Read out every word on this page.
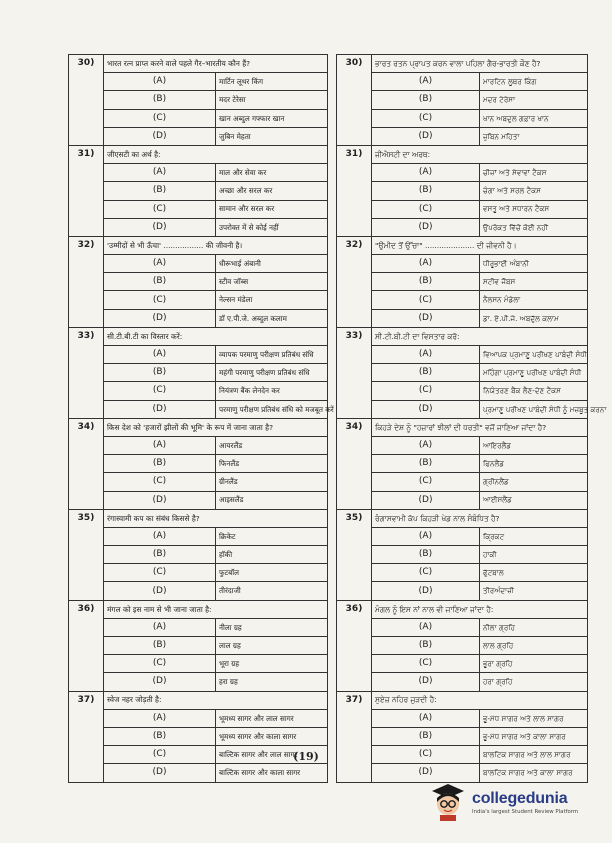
30)	भारत रत्न प्राप्त करने वाले पहले गैर–भारतीय कौन हैं?	
	(A)	मार्टिन लूथर किंग
	(B)	मदर टेरेसा
	(C)	खान अब्दुल गफ्फार खान
	(D)	जुबिन मेहता
31)	जीएसटी का अर्थ है:	
	(A)	माल और सेवा कर
	(B)	अच्छा और सरल कर
	(C)	सामान और सरल कर
	(D)	उपरोक्त में से कोई नहीं
32)	'उम्मीदों से भी ऊँचा' ................. की जीवनी है।	
	(A)	धीरूभाई अंबानी
	(B)	स्टीव जॉब्स
	(C)	नेल्सन मंडेला
	(D)	डॉ ए.पी.जे. अब्दुल कलाम
33)	सी.टी.बी.टी का विस्तार करें:	
	(A)	व्यापक परमाणु परीक्षण प्रतिबंध संधि
	(B)	महंगी परमाणु परीक्षण प्रतिबंध संधि
	(C)	नियंत्रण बैंक लेनदेन कर
	(D)	परमाणु परीक्षण प्रतिबंध संधि को मजबूत करें
34)	किस देश को 'हजारों झीलों की भूमि' के रूप में जाना जाता है?	
	(A)	आयरलैंड
	(B)	फिनलैंड
	(C)	ग्रीनलैंड
	(D)	आइसलैंड
35)	रंगास्वामी कप का संबंध किससे है?	
	(A)	क्रिकेट
	(B)	हॉकी
	(C)	फुटबॉल
	(D)	तीरंदाजी
36)	मंगल को इस नाम से भी जाना जाता है:	
	(A)	नीला ग्रह
	(B)	लाल ग्रह
	(C)	भूरा ग्रह
	(D)	हरा ग्रह
37)	स्वेज नहर जोड़ती है:	
	(A)	भूमध्य सागर और लाल सागर
	(B)	भूमध्य सागर और काला सागर
	(C)	बाल्टिक सागर और लाल सागर
	(D)	बाल्टिक सागर और काला सागर
30)	ਭਾਰਤ ਰਤਨ ਪ੍ਰਾਪਤ ਕਰਨ ਵਾਲਾ ਪਹਿਲਾ ਗੈਰ-ਭਾਰਤੀ ਕੌਣ ਹੈ?	
	(A)	ਮਾਰਟਿਨ ਲੂਥਰ ਕਿੰਗ
	(B)	ਮਦਰ ਟੇਰੇਸਾ
	(C)	ਖਾਨ ਅਬਦੁਲ ਗਫ਼ਾਰ ਖਾਨ
	(D)	ਜ਼ੁਬਿਨ ਮਹਿਤਾ
31)	ਜੀਐਸਟੀ ਦਾ ਅਰਥ:	
	(A)	ਚੀਜ਼ਾਂ ਅਤੇ ਸੇਵਾਵਾਂ ਟੈਕਸ
	(B)	ਚੰਗਾ ਅਤੇ ਸਰਲ ਟੈਕਸ
	(C)	ਵਸਤੂ ਅਤੇ ਸਧਾਰਨ ਟੈਕਸ
	(D)	ਉਪਰੋਕਤ ਵਿੱਚੋਂ ਕੋਈ ਨਹੀਂ
32)	"ਉਮੀਦ ਤੋਂ ਉੱਚਾ" ..................... ਦੀ ਜੀਵਨੀ ਹੈ।	
	(A)	ਧੀਰੂਭਾਈ ਅੰਬਾਨੀ
	(B)	ਸਟੀਵ ਜੌਬਸ
	(C)	ਨੈਲਸਨ ਮੰਡੇਲਾ
	(D)	ਡਾ. ਏ.ਪੀ.ਜੇ. ਅਬਦੁੱਲ ਕਲਾਮ
33)	ਸੀ.ਟੀ.ਬੀ.ਟੀ ਦਾ ਵਿਸਤਾਰ ਕਰੋ:	
	(A)	ਵਿਆਪਕ ਪ੍ਰਮਾਣੂ ਪਰੀਖਣ ਪਾਬੰਦੀ ਸੰਧੀ
	(B)	ਮਹਿੰਗਾ ਪ੍ਰਮਾਣੂ ਪਰੀਖਣ ਪਾਬੰਦੀ ਸੰਧੀ
	(C)	ਨਿਯੰਤਰਣ ਬੈਂਕ ਲੈਣ-ਦੇਣ ਟੈਕਸ
	(D)	ਪ੍ਰਮਾਣੂ ਪਰੀਖਣ ਪਾਬੰਦੀ ਸੰਧੀ ਨੂੰ ਮਜ਼ਬੂਤ ਕਰਨਾ
34)	ਕਿਹੜੇ ਦੇਸ਼ ਨੂੰ "ਹਜ਼ਾਰਾਂ ਝੀਲਾਂ ਦੀ ਧਰਤੀ" ਵਜੋਂ ਜਾਣਿਆ ਜਾਂਦਾ ਹੈ?	
	(A)	ਆਇਰਲੈਂਡ
	(B)	ਫਿਨਲੈਂਡ
	(C)	ਗ੍ਰੀਨਲੈਂਡ
	(D)	ਆਈਸਲੈਂਡ
35)	ਰੰਗਾਸਵਾਮੀ ਕੱਪ ਕਿਹੜੀ ਖੇਡ ਨਾਲ ਸੰਬੰਧਿਤ ਹੈ?	
	(A)	ਕ੍ਰਿਕਟ
	(B)	ਹਾਕੀ
	(C)	ਫੁੱਟਬਾਲ
	(D)	ਤੀਰਅੰਦਾਜ਼ੀ
36)	ਮੰਗਲ ਨੂੰ ਇਸ ਨਾਂ ਨਾਲ ਵੀ ਜਾਣਿਆ ਜਾਂਦਾ ਹੈ:	
	(A)	ਨੀਲਾ ਗ੍ਰਹਿ
	(B)	ਲਾਲ ਗ੍ਰਹਿ
	(C)	ਭੂਰਾ ਗ੍ਰਹਿ
	(D)	ਹਰਾ ਗ੍ਰਹਿ
37)	ਸੁਏਜ਼ ਨਹਿਰ ਜੁੜਦੀ ਹੈ:	
	(A)	ਭੂ-ਮੱਧ ਸਾਗਰ ਅਤੇ ਲਾਲ ਸਾਗਰ
	(B)	ਭੂ-ਮੱਧ ਸਾਗਰ ਅਤੇ ਕਾਲਾ ਸਾਗਰ
	(C)	ਬਾਲਟਿਕ ਸਾਗਰ ਅਤੇ ਲਾਲ ਸਾਗਰ
	(D)	ਬਾਲਟਿਕ ਸਾਗਰ ਅਤੇ ਕਾਲਾ ਸਾਗਰ
(19)
collegedunia
India's largest Student Review Platform
